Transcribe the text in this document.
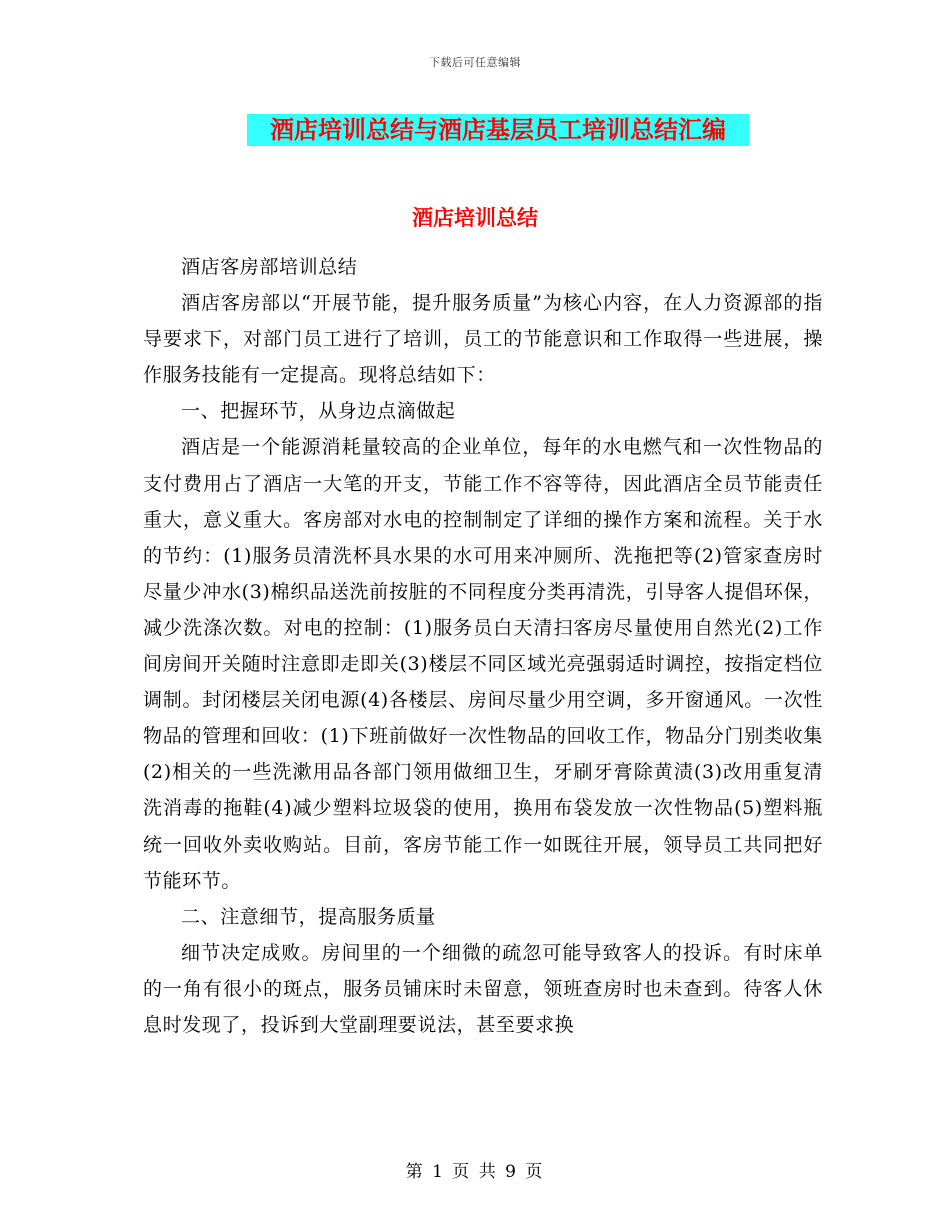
下载后可任意编辑
酒店培训总结与酒店基层员工培训总结汇编
酒店培训总结

酒店客房部培训总结

酒店客房部以“开展节能，提升服务质量”为核心内容，在人力资源部的指导要求下，对部门员工进行了培训，员工的节能意识和工作取得一些进展，操作服务技能有一定提高。现将总结如下：

一、把握环节，从身边点滴做起

酒店是一个能源消耗量较高的企业单位，每年的水电燃气和一次性物品的支付费用占了酒店一大笔的开支，节能工作不容等待，因此酒店全员节能责任重大，意义重大。客房部对水电的控制制定了详细的操作方案和流程。关于水的节约：(1)服务员清洗杯具水果的水可用来冲厕所、洗拖把等(2)管家查房时尽量少冲水(3)棉织品送洗前按脏的不同程度分类再清洗，引导客人提倡环保，减少洗涤次数。对电的控制：(1)服务员白天清扫客房尽量使用自然光(2)工作间房间开关随时注意即走即关(3)楼层不同区域光亮强弱适时调控，按指定档位调制。封闭楼层关闭电源(4)各楼层、房间尽量少用空调，多开窗通风。一次性物品的管理和回收：(1)下班前做好一次性物品的回收工作，物品分门别类收集(2)相关的一些洗漱用品各部门领用做细卫生，牙刷牙膏除黄渍(3)改用重复清洗消毒的拖鞋(4)减少塑料垃圾袋的使用，换用布袋发放一次性物品(5)塑料瓶统一回收外卖收购站。目前，客房节能工作一如既往开展，领导员工共同把好节能环节。

二、注意细节，提高服务质量

细节决定成败。房间里的一个细微的疏忽可能导致客人的投诉。有时床单的一角有很小的斑点，服务员铺床时未留意，领班查房时也未查到。待客人休息时发现了，投诉到大堂副理要说法，甚至要求换

第 1 页 共 9 页
